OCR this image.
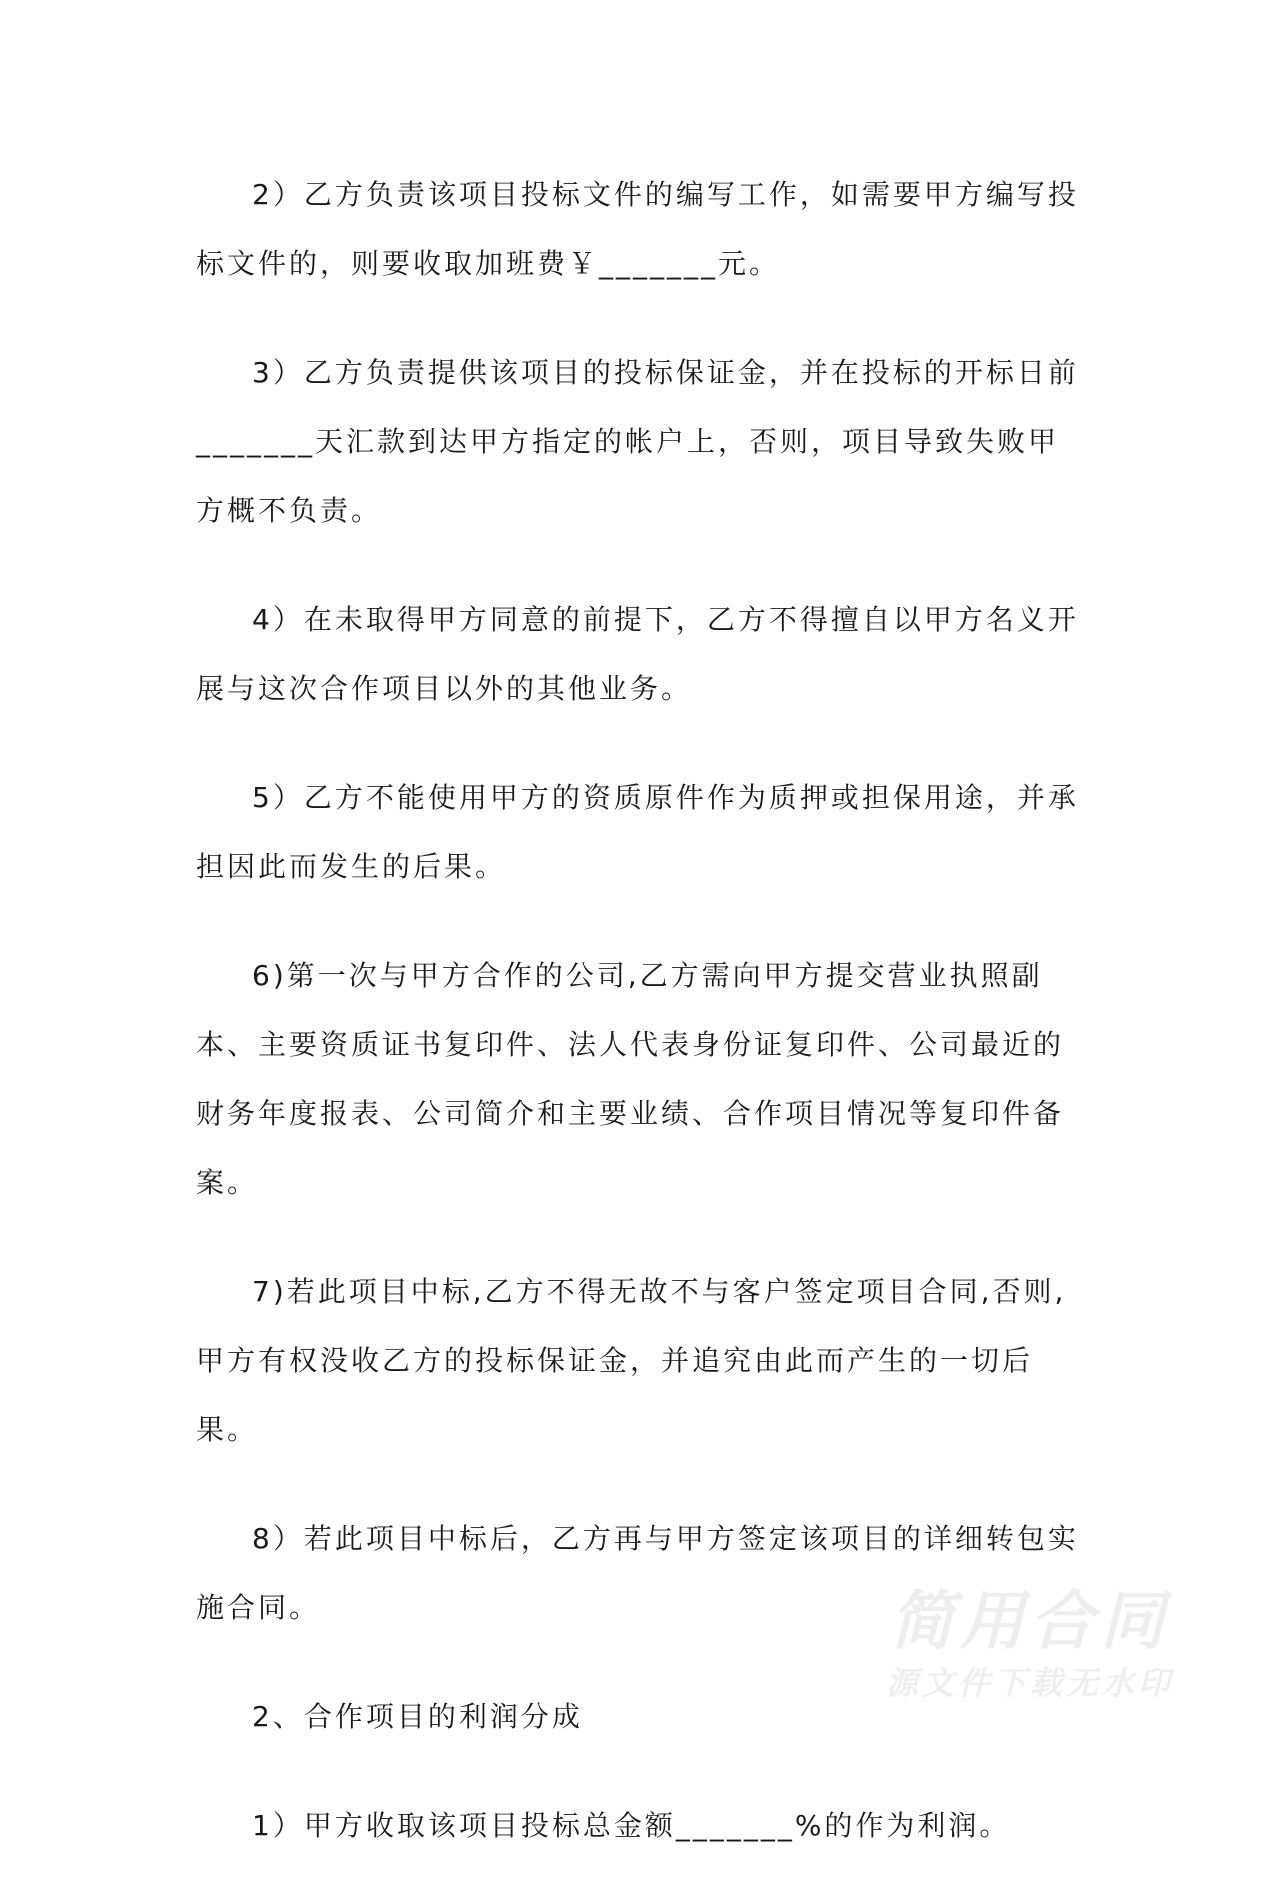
2）乙方负责该项目投标文件的编写工作，如需要甲方编写投标文件的，则要收取加班费￥_______元。

3）乙方负责提供该项目的投标保证金，并在投标的开标日前_______天汇款到达甲方指定的帐户上，否则，项目导致失败甲方概不负责。

4）在未取得甲方同意的前提下，乙方不得擅自以甲方名义开展与这次合作项目以外的其他业务。

5）乙方不能使用甲方的资质原件作为质押或担保用途，并承担因此而发生的后果。

6)第一次与甲方合作的公司,乙方需向甲方提交营业执照副本、主要资质证书复印件、法人代表身份证复印件、公司最近的财务年度报表、公司简介和主要业绩、合作项目情况等复印件备案。

7)若此项目中标,乙方不得无故不与客户签定项目合同,否则,甲方有权没收乙方的投标保证金，并追究由此而产生的一切后果。

8）若此项目中标后，乙方再与甲方签定该项目的详细转包实施合同。

2、合作项目的利润分成

1）甲方收取该项目投标总金额_______%的作为利润。

简用合同
源文件下载无水印
